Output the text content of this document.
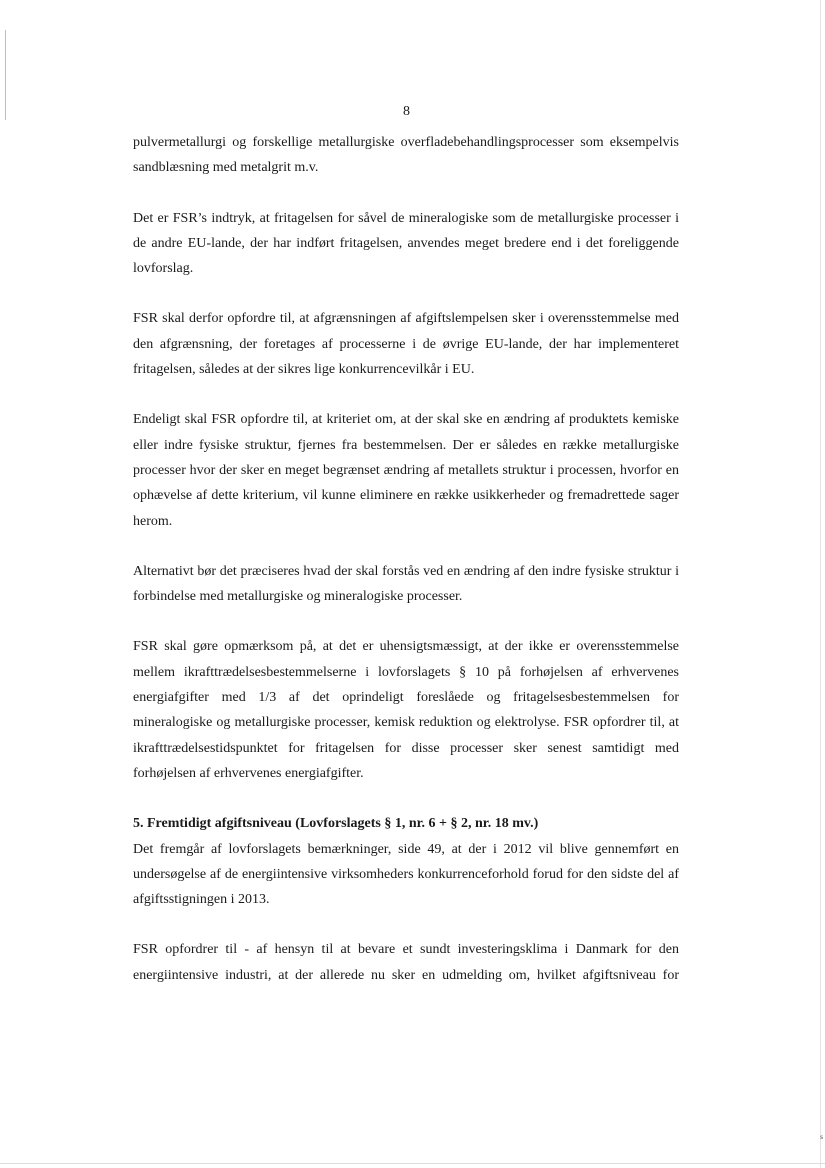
s
8

pulvermetallurgi og forskellige metallurgiske overfladebehandlingsprocesser som eksempelvis sandblæsning med metalgrit m.v.

Det er FSR’s indtryk, at fritagelsen for såvel de mineralogiske som de metallurgiske processer i de andre EU-lande, der har indført fritagelsen, anvendes meget bredere end i det foreliggende lovforslag.

FSR skal derfor opfordre til, at afgrænsningen af afgiftslempelsen sker i overensstemmelse med den afgrænsning, der foretages af processerne i de øvrige EU-lande, der har implementeret fritagelsen, således at der sikres lige konkurrencevilkår i EU.

Endeligt skal FSR opfordre til, at kriteriet om, at der skal ske en ændring af produktets kemiske eller indre fysiske struktur, fjernes fra bestemmelsen. Der er således en række metallurgiske processer hvor der sker en meget begrænset ændring af metallets struktur i processen, hvorfor en ophævelse af dette kriterium, vil kunne eliminere en række usikkerheder og fremadrettede sager herom.

Alternativt bør det præciseres hvad der skal forstås ved en ændring af den indre fysiske struktur i forbindelse med metallurgiske og mineralogiske processer.

FSR skal gøre opmærksom på, at det er uhensigtsmæssigt, at der ikke er overensstemmelse mellem ikrafttrædelsesbestemmelserne i lovforslagets § 10 på forhøjelsen af erhvervenes energiafgifter med 1/3 af det oprindeligt foreslåede og fritagelsesbestemmelsen for mineralogiske og metallurgiske processer, kemisk reduktion og elektrolyse. FSR opfordrer til, at ikrafttrædelsestidspunktet for fritagelsen for disse processer sker senest samtidigt med forhøjelsen af erhvervenes energiafgifter.

5. Fremtidigt afgiftsniveau (Lovforslagets § 1, nr. 6 + § 2, nr. 18 mv.)
Det fremgår af lovforslagets bemærkninger, side 49, at der i 2012 vil blive gennemført en undersøgelse af de energiintensive virksomheders konkurrenceforhold forud for den sidste del af afgiftsstigningen i 2013.

FSR opfordrer til - af hensyn til at bevare et sundt investeringsklima i Danmark for den energiintensive industri, at der allerede nu sker en udmelding om, hvilket afgiftsniveau for
